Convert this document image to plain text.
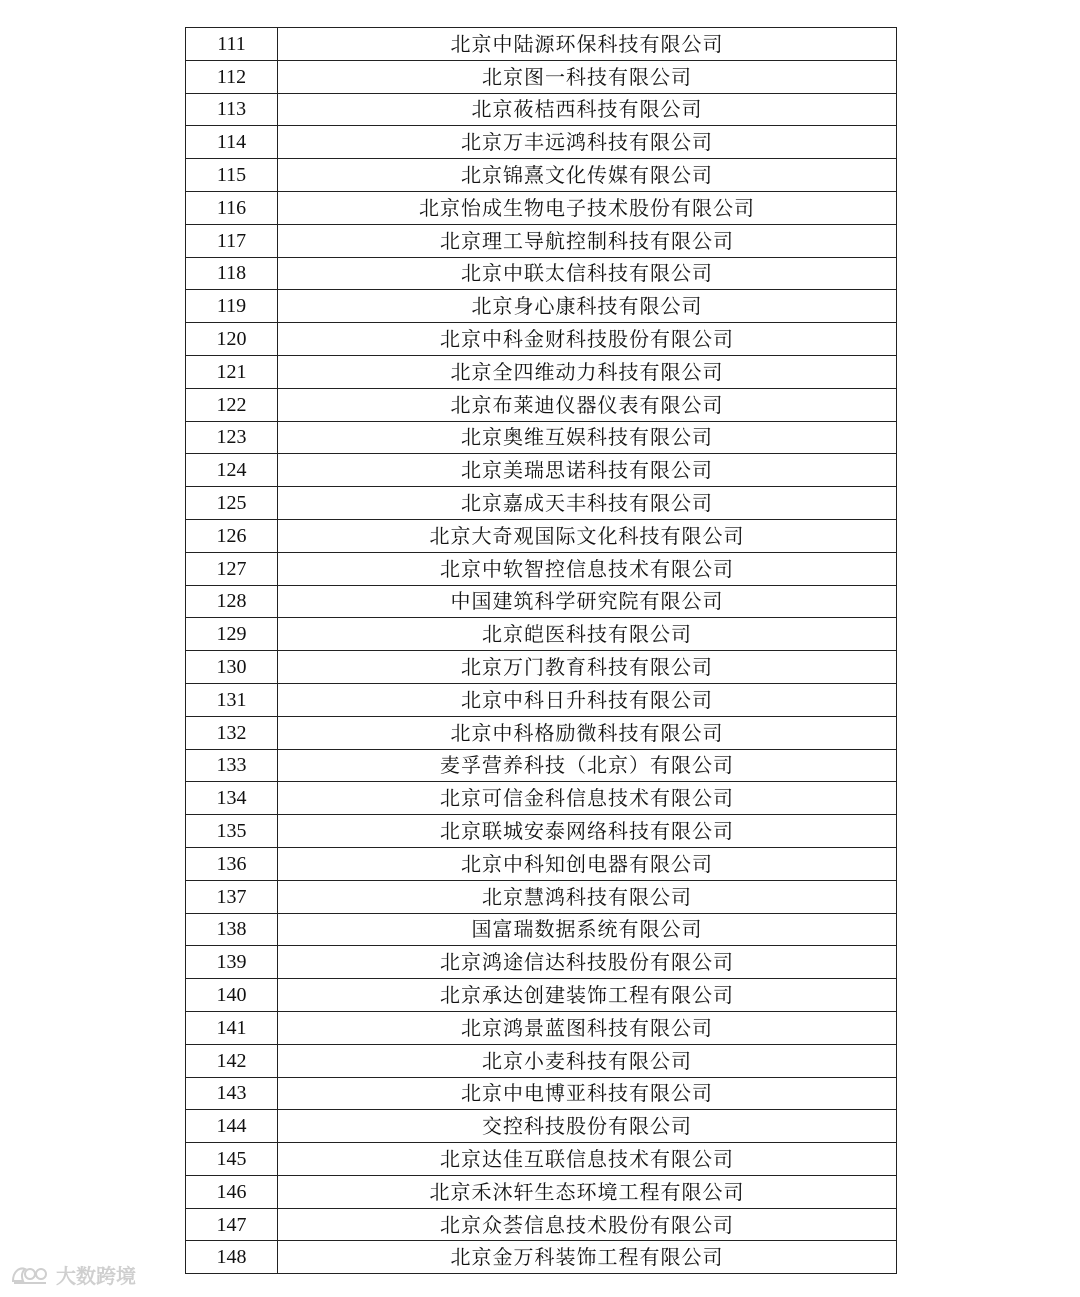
111	北京中陆源环保科技有限公司
112	北京图一科技有限公司
113	北京莜桔西科技有限公司
114	北京万丰远鸿科技有限公司
115	北京锦熹文化传媒有限公司
116	北京怡成生物电子技术股份有限公司
117	北京理工导航控制科技有限公司
118	北京中联太信科技有限公司
119	北京身心康科技有限公司
120	北京中科金财科技股份有限公司
121	北京全四维动力科技有限公司
122	北京布莱迪仪器仪表有限公司
123	北京奥维互娱科技有限公司
124	北京美瑞思诺科技有限公司
125	北京嘉成天丰科技有限公司
126	北京大奇观国际文化科技有限公司
127	北京中软智控信息技术有限公司
128	中国建筑科学研究院有限公司
129	北京皑医科技有限公司
130	北京万门教育科技有限公司
131	北京中科日升科技有限公司
132	北京中科格励微科技有限公司
133	麦孚营养科技（北京）有限公司
134	北京可信金科信息技术有限公司
135	北京联城安泰网络科技有限公司
136	北京中科知创电器有限公司
137	北京慧鸿科技有限公司
138	国富瑞数据系统有限公司
139	北京鸿途信达科技股份有限公司
140	北京承达创建装饰工程有限公司
141	北京鸿景蓝图科技有限公司
142	北京小麦科技有限公司
143	北京中电博亚科技有限公司
144	交控科技股份有限公司
145	北京达佳互联信息技术有限公司
146	北京禾沐轩生态环境工程有限公司
147	北京众荟信息技术股份有限公司
148	北京金万科装饰工程有限公司
大数跨境
